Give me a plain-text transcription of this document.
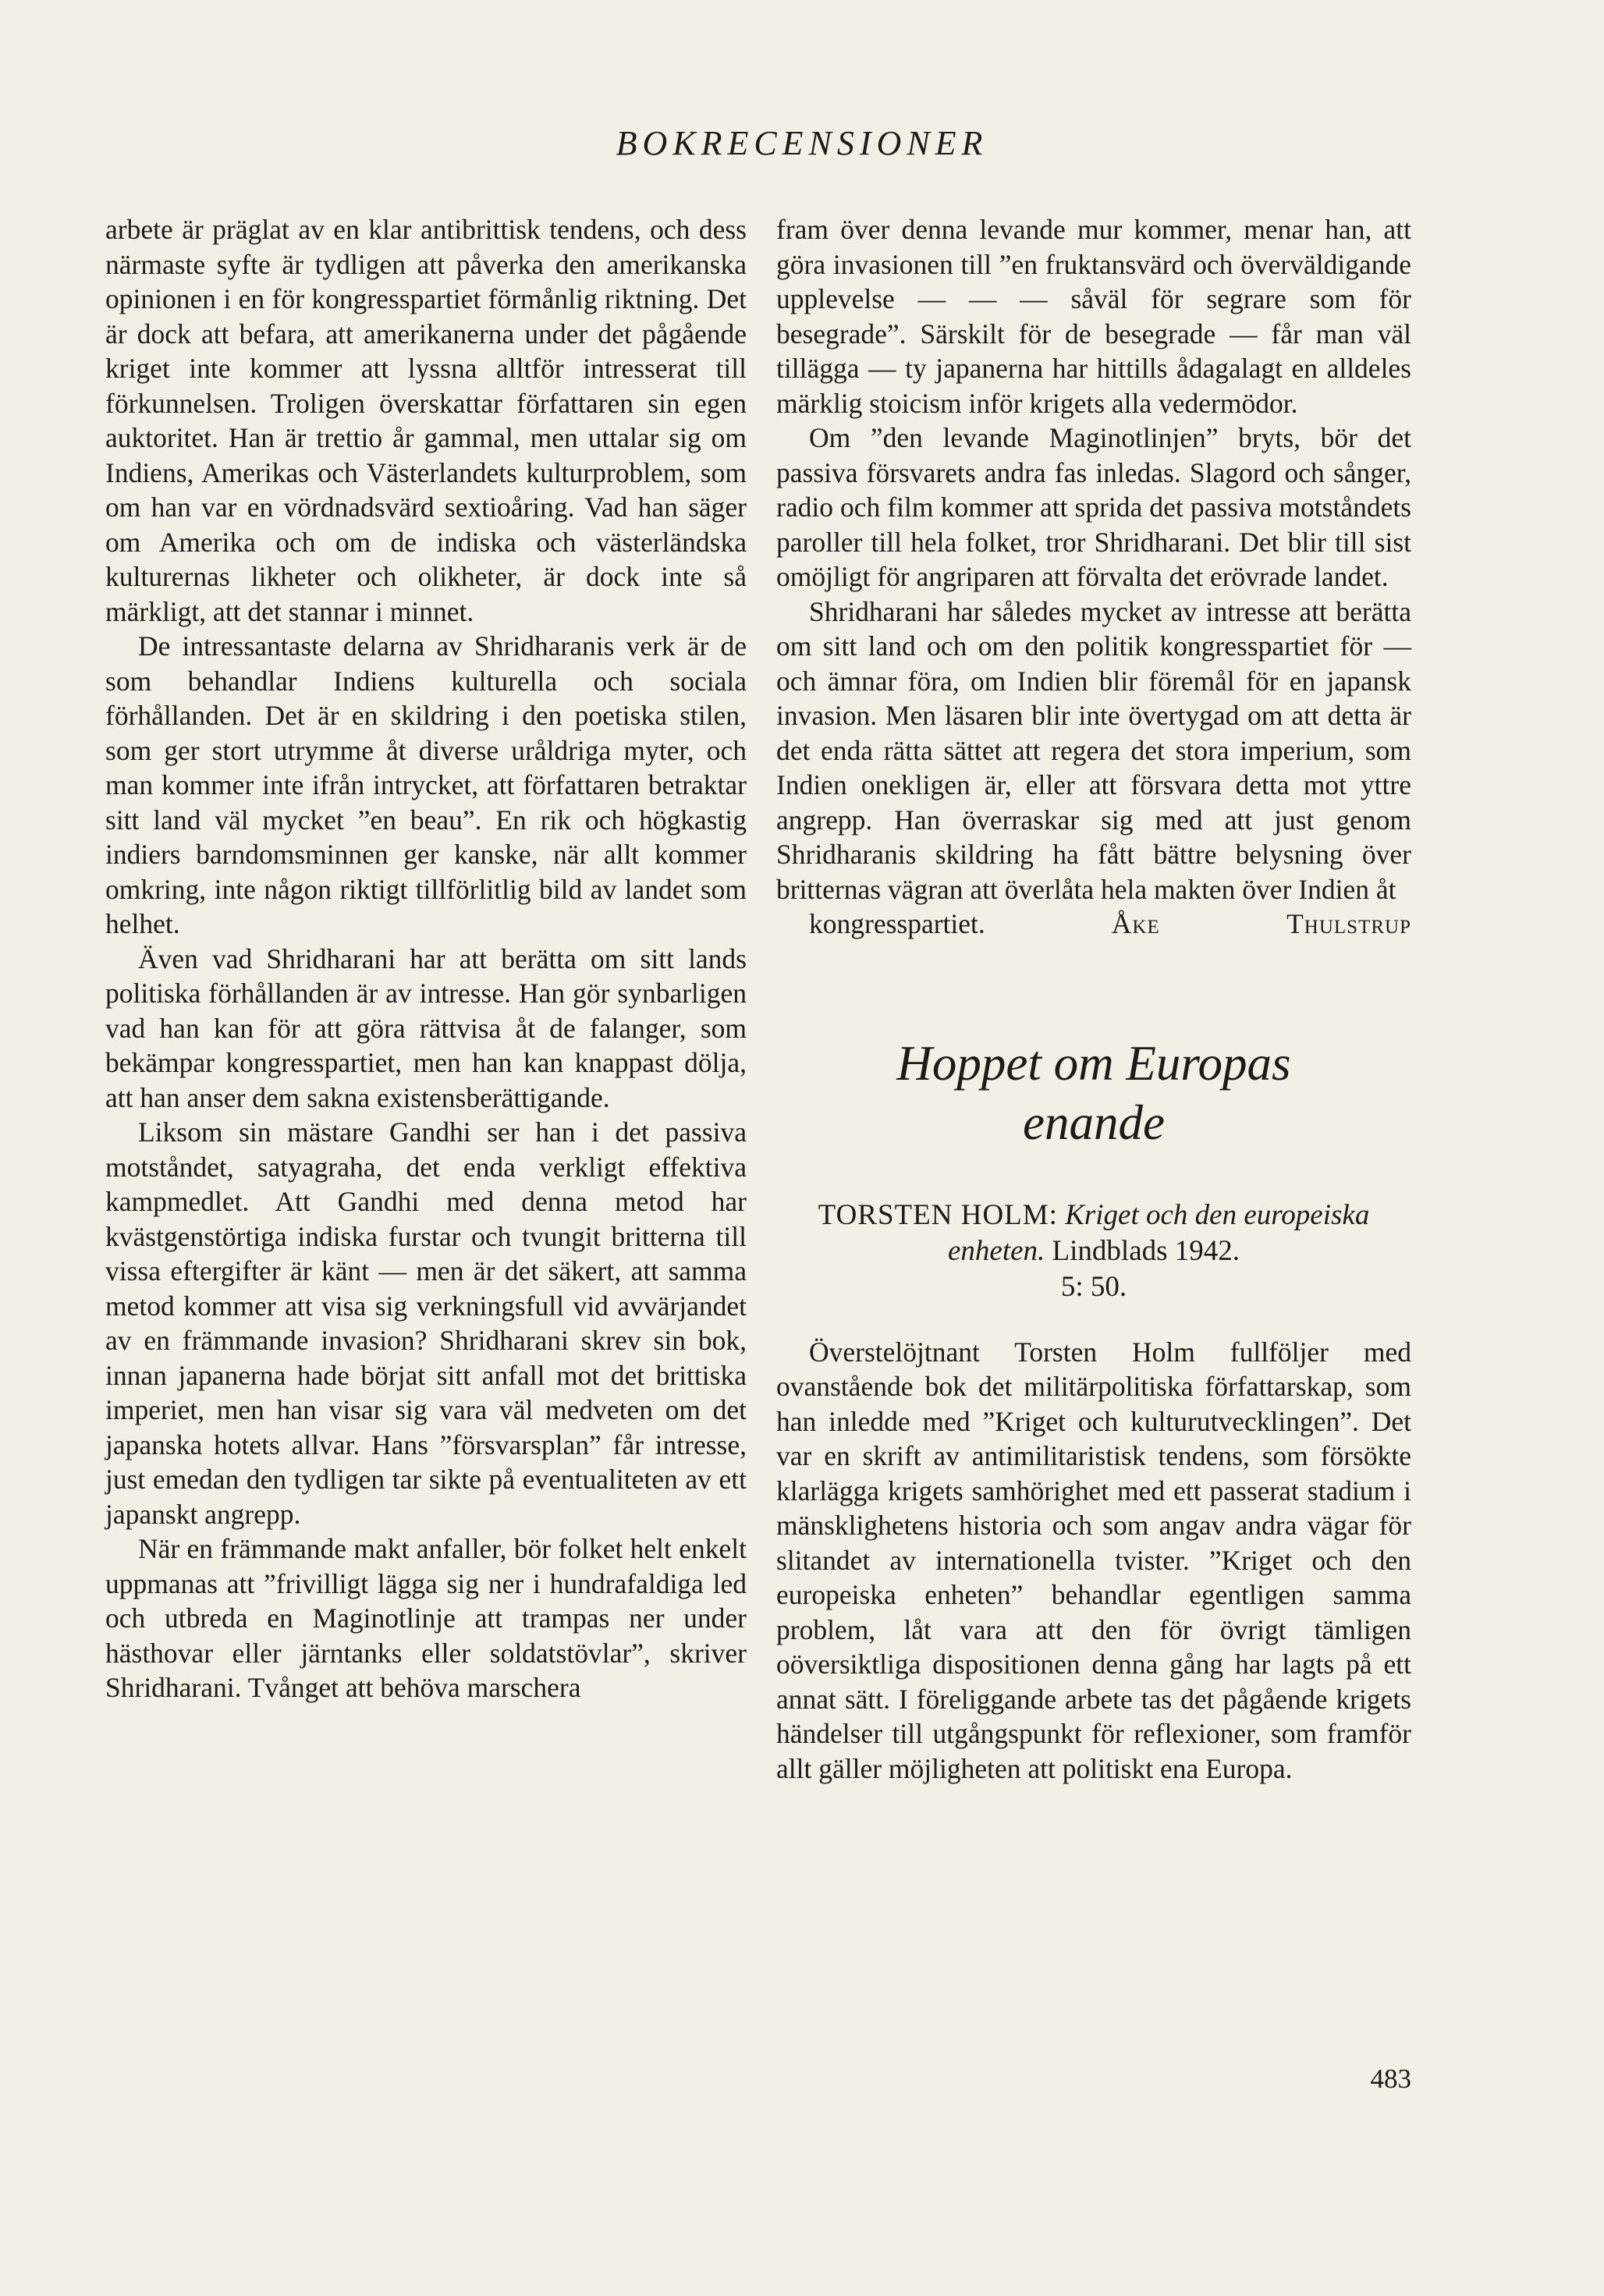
BOKRECENSIONER

arbete är präglat av en klar antibrittisk tendens, och dess närmaste syfte är tydligen att påverka den amerikanska opinionen i en för kongresspartiet förmånlig riktning. Det är dock att befara, att amerikanerna under det pågående kriget inte kommer att lyssna alltför intresserat till förkunnelsen. Troligen överskattar författaren sin egen auktoritet. Han är trettio år gammal, men uttalar sig om Indiens, Amerikas och Västerlandets kulturproblem, som om han var en vördnadsvärd sextioåring. Vad han säger om Amerika och om de indiska och västerländska kulturernas likheter och olikheter, är dock inte så märkligt, att det stannar i minnet.

De intressantaste delarna av Shridharanis verk är de som behandlar Indiens kulturella och sociala förhållanden. Det är en skildring i den poetiska stilen, som ger stort utrymme åt diverse uråldriga myter, och man kommer inte ifrån intrycket, att författaren betraktar sitt land väl mycket ”en beau”. En rik och högkastig indiers barndomsminnen ger kanske, när allt kommer omkring, inte någon riktigt tillförlitlig bild av landet som helhet.

Även vad Shridharani har att berätta om sitt lands politiska förhållanden är av intresse. Han gör synbarligen vad han kan för att göra rättvisa åt de falanger, som bekämpar kongresspartiet, men han kan knappast dölja, att han anser dem sakna existensberättigande.

Liksom sin mästare Gandhi ser han i det passiva motståndet, satyagraha, det enda verkligt effektiva kampmedlet. Att Gandhi med denna metod har kvästgenstörtiga indiska furstar och tvungit britterna till vissa eftergifter är känt — men är det säkert, att samma metod kommer att visa sig verkningsfull vid avvärjandet av en främmande invasion? Shridharani skrev sin bok, innan japanerna hade börjat sitt anfall mot det brittiska imperiet, men han visar sig vara väl medveten om det japanska hotets allvar. Hans ”försvarsplan” får intresse, just emedan den tydligen tar sikte på eventualiteten av ett japanskt angrepp.

När en främmande makt anfaller, bör folket helt enkelt uppmanas att ”frivilligt lägga sig ner i hundrafaldiga led och utbreda en Maginotlinje att trampas ner under hästhovar eller järntanks eller soldatstövlar”, skriver Shridharani. Tvånget att behöva marschera

fram över denna levande mur kommer, menar han, att göra invasionen till ”en fruktansvärd och överväldigande upplevelse — — — såväl för segrare som för besegrade”. Särskilt för de besegrade — får man väl tillägga — ty japanerna har hittills ådagalagt en alldeles märklig stoicism inför krigets alla vedermödor.

Om ”den levande Maginotlinjen” bryts, bör det passiva försvarets andra fas inledas. Slagord och sånger, radio och film kommer att sprida det passiva motståndets paroller till hela folket, tror Shridharani. Det blir till sist omöjligt för angriparen att förvalta det erövrade landet.

Shridharani har således mycket av intresse att berätta om sitt land och om den politik kongresspartiet för — och ämnar föra, om Indien blir föremål för en japansk invasion. Men läsaren blir inte övertygad om att detta är det enda rätta sättet att regera det stora imperium, som Indien onekligen är, eller att försvara detta mot yttre angrepp. Han överraskar sig med att just genom Shridharanis skildring ha fått bättre belysning över britternas vägran att överlåta hela makten över Indien åt

kongresspartiet.	Åke Thulstrup

Hoppet om Europas
enande
TORSTEN HOLM: Kriget och den europeiska enheten. Lindblads 1942.
5: 50.

Överstelöjtnant Torsten Holm fullföljer med ovanstående bok det militärpolitiska författarskap, som han inledde med ”Kriget och kulturutvecklingen”. Det var en skrift av antimilitaristisk tendens, som försökte klarlägga krigets samhörighet med ett passerat stadium i mänsklighetens historia och som angav andra vägar för slitandet av internationella tvister. ”Kriget och den europeiska enheten” behandlar egentligen samma problem, låt vara att den för övrigt tämligen oöversiktliga dispositionen denna gång har lagts på ett annat sätt. I föreliggande arbete tas det pågående krigets händelser till utgångspunkt för reflexioner, som framför allt gäller möjligheten att politiskt ena Europa.

483
